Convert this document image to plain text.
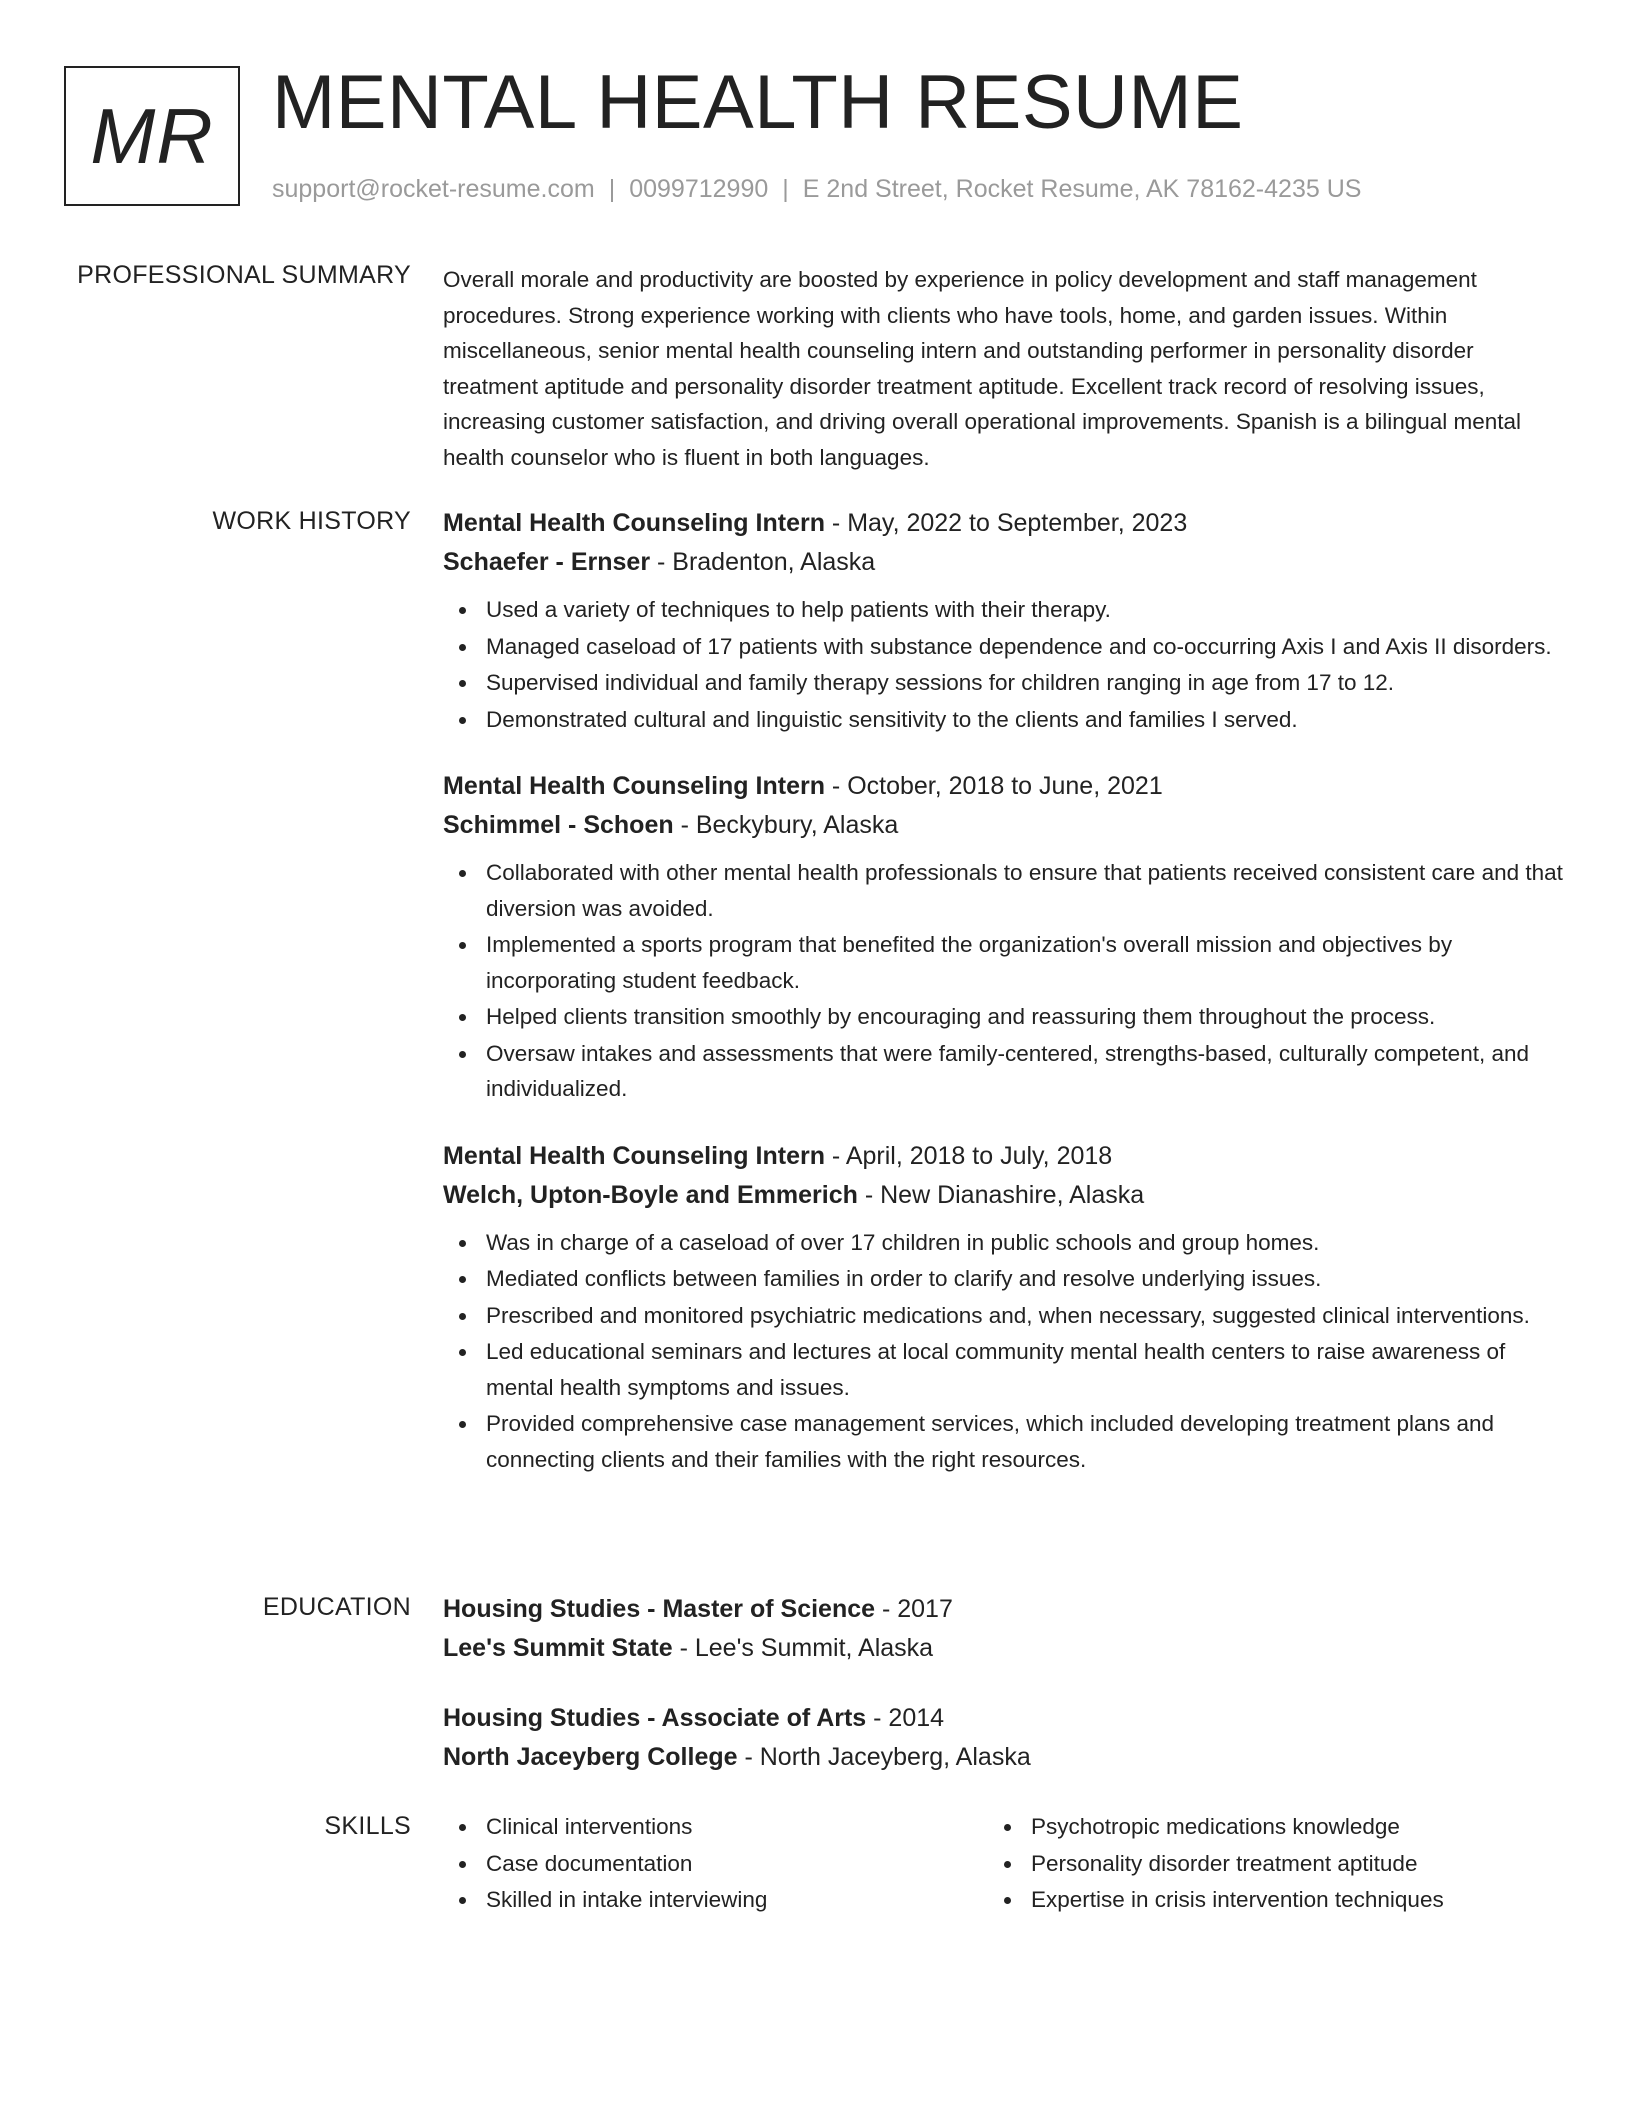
MR MENTAL HEALTH RESUME
support@rocket-resume.com | 0099712990 | E 2nd Street, Rocket Resume, AK 78162-4235 US
PROFESSIONAL SUMMARY Overall morale and productivity are boosted by experience in policy development and staff management procedures. Strong experience working with clients who have tools, home, and garden issues. Within miscellaneous, senior mental health counseling intern and outstanding performer in personality disorder treatment aptitude and personality disorder treatment aptitude. Excellent track record of resolving issues, increasing customer satisfaction, and driving overall operational improvements. Spanish is a bilingual mental health counselor who is fluent in both languages.

WORK HISTORY Mental Health Counseling Intern - May, 2022 to September, 2023
Schaefer - Ernser - Bradenton, Alaska
Used a variety of techniques to help patients with their therapy.
Managed caseload of 17 patients with substance dependence and co-occurring Axis I and Axis II disorders.
Supervised individual and family therapy sessions for children ranging in age from 17 to 12.
Demonstrated cultural and linguistic sensitivity to the clients and families I served.
Mental Health Counseling Intern - October, 2018 to June, 2021
Schimmel - Schoen - Beckybury, Alaska
Collaborated with other mental health professionals to ensure that patients received consistent care and that diversion was avoided.
Implemented a sports program that benefited the organization's overall mission and objectives by incorporating student feedback.
Helped clients transition smoothly by encouraging and reassuring them throughout the process.
Oversaw intakes and assessments that were family-centered, strengths-based, culturally competent, and individualized.
Mental Health Counseling Intern - April, 2018 to July, 2018
Welch, Upton-Boyle and Emmerich - New Dianashire, Alaska
Was in charge of a caseload of over 17 children in public schools and group homes.
Mediated conflicts between families in order to clarify and resolve underlying issues.
Prescribed and monitored psychiatric medications and, when necessary, suggested clinical interventions.
Led educational seminars and lectures at local community mental health centers to raise awareness of mental health symptoms and issues.
Provided comprehensive case management services, which included developing treatment plans and connecting clients and their families with the right resources.
EDUCATION Housing Studies - Master of Science - 2017
Lee's Summit State - Lee's Summit, Alaska
Housing Studies - Associate of Arts - 2014
North Jaceyberg College - North Jaceyberg, Alaska
SKILLS	Clinical interventions
Case documentation
Skilled in intake interviewing
Psychotropic medications knowledge
Personality disorder treatment aptitude
Expertise in crisis intervention techniques
